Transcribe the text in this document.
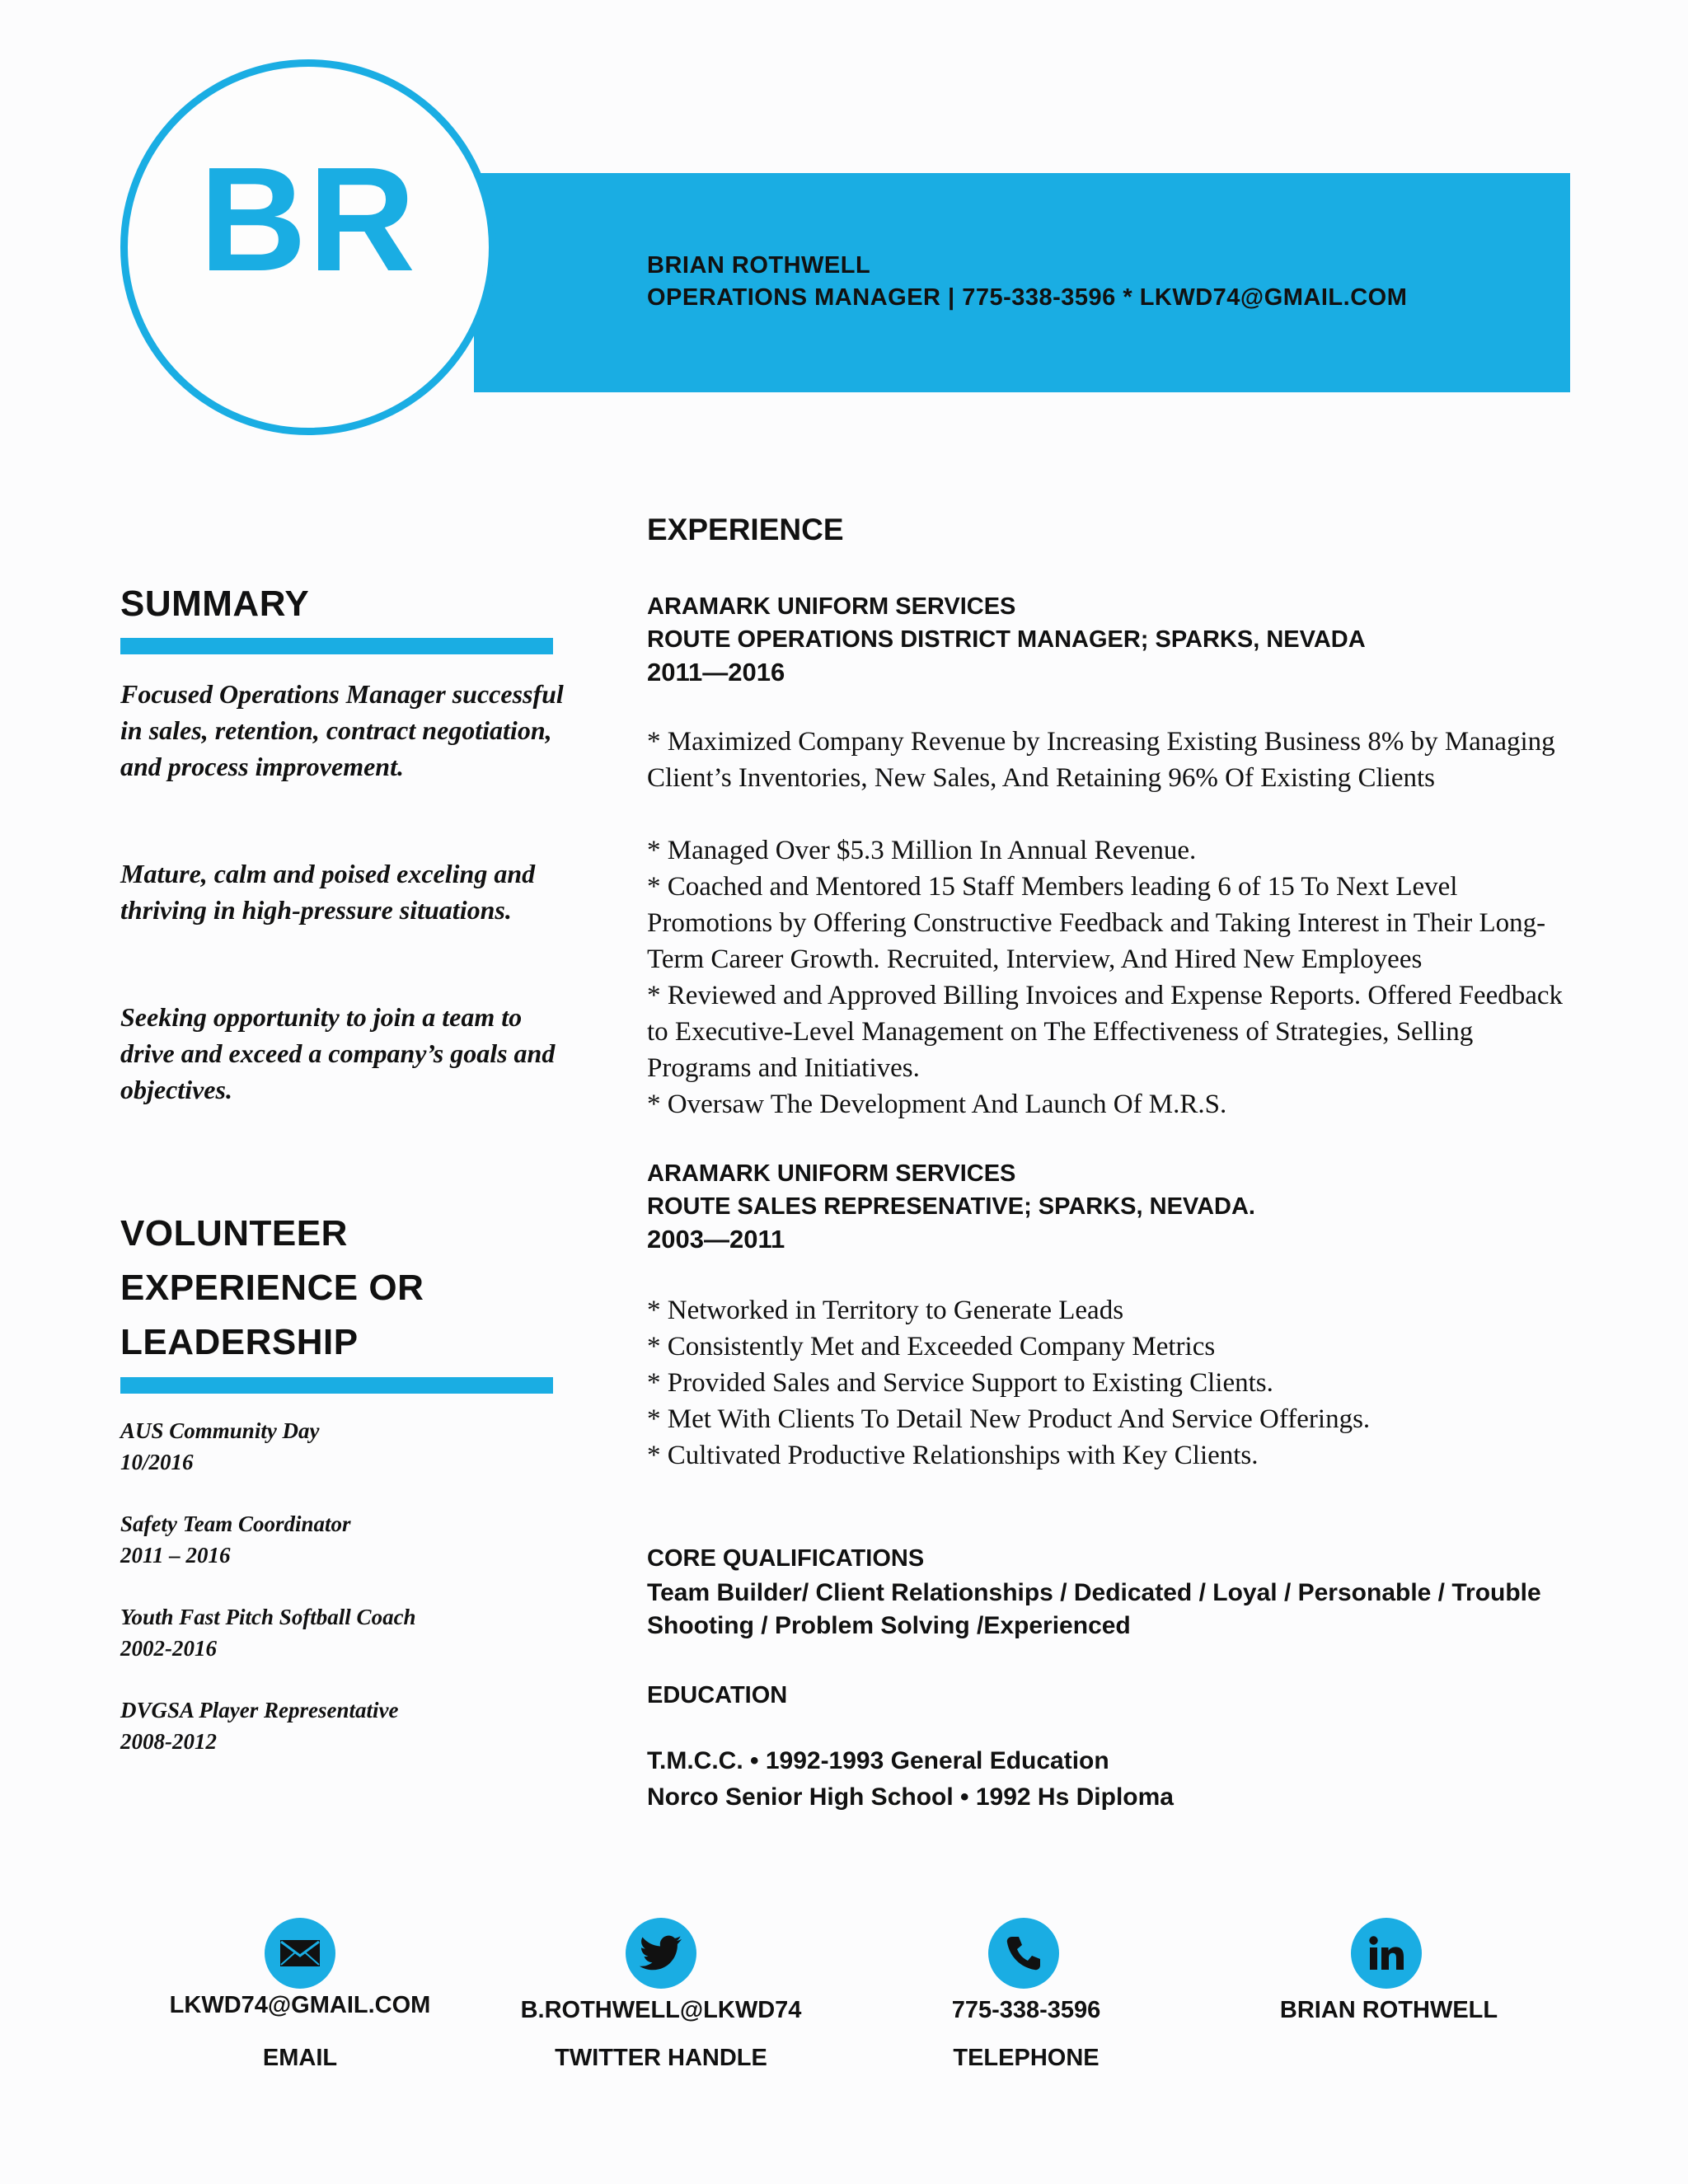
BR	BRIAN ROTHWELL
OPERATIONS MANAGER | 775-338-3596 * LKWD74@GMAIL.COM
SUMMARY
Focused Operations Manager successful in sales, retention, contract negotiation, and process improvement.
Mature, calm and poised exceling and thriving in high-pressure situations.
Seeking opportunity to join a team to drive and exceed a company’s goals and objectives.
VOLUNTEER
EXPERIENCE OR
LEADERSHIP
AUS Community Day
10/2016
Safety Team Coordinator
2011 – 2016
Youth Fast Pitch Softball Coach
2002-2016
DVGSA Player Representative
2008-2012
EXPERIENCE
ARAMARK UNIFORM SERVICES
ROUTE OPERATIONS DISTRICT MANAGER; SPARKS, NEVADA
2011—2016
* Maximized Company Revenue by Increasing Existing Business 8% by Managing Client’s Inventories, New Sales, And Retaining 96% Of Existing Clients
* Managed Over $5.3 Million In Annual Revenue.
* Coached and Mentored 15 Staff Members leading 6 of 15 To Next Level Promotions by Offering Constructive Feedback and Taking Interest in Their Long-Term Career Growth. Recruited, Interview, And Hired New Employees
* Reviewed and Approved Billing Invoices and Expense Reports. Offered Feedback to Executive-Level Management on The Effectiveness of Strategies, Selling Programs and Initiatives.
* Oversaw The Development And Launch Of M.R.S.
ARAMARK UNIFORM SERVICES
ROUTE SALES REPRESENATIVE; SPARKS, NEVADA.
2003—2011
* Networked in Territory to Generate Leads
* Consistently Met and Exceeded Company Metrics
* Provided Sales and Service Support to Existing Clients.
* Met With Clients To Detail New Product And Service Offerings.
* Cultivated Productive Relationships with Key Clients.
CORE QUALIFICATIONS
Team Builder/ Client Relationships / Dedicated / Loyal / Personable / Trouble
Shooting / Problem Solving /Experienced
EDUCATION
T.M.C.C. • 1992-1993 General Education
Norco Senior High School • 1992 Hs Diploma
LKWD74@GMAIL.COM
EMAIL
B.ROTHWELL@LKWD74
TWITTER HANDLE
775-338-3596
TELEPHONE
BRIAN ROTHWELL
